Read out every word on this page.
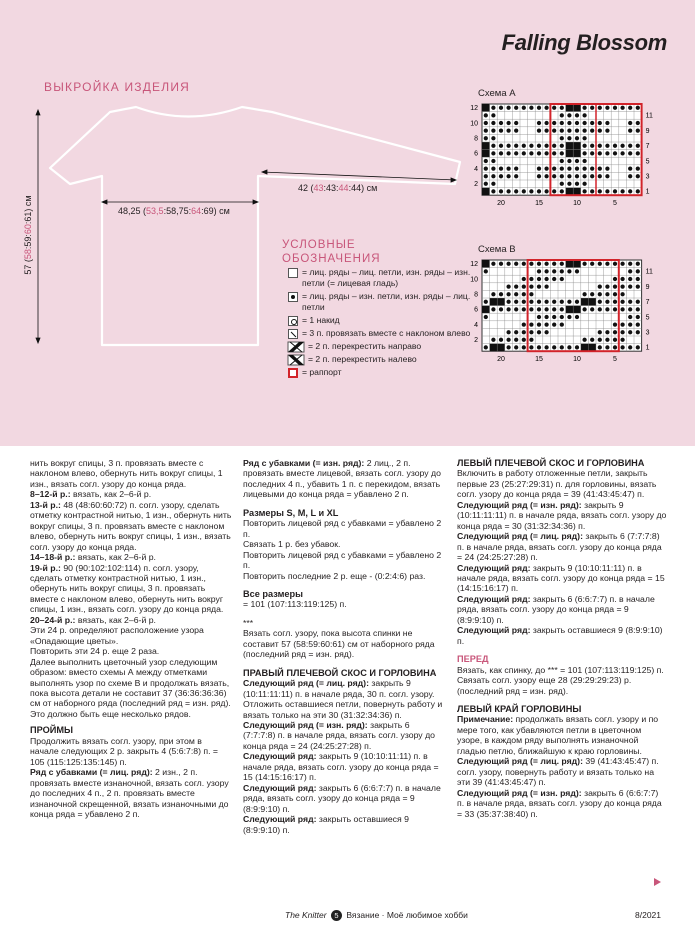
Falling Blossom
ВЫКРОЙКА ИЗДЕЛИЯ
48,25 (53,5:58,75:64:69) см
42 (43:43:44:44) см
57 (58:59:60:61) см
УСЛОВНЫЕ
ОБОЗНАЧЕНИЯ
= лиц. ряды – лиц. петли, изн. ряды – изн. петли (= лицевая гладь)
= лиц. ряды – изн. петли, изн. ряды – лиц. петли
= 1 накид
= 3 п. провязать вместе с наклоном влево
= 2 п. перекрестить направо
= 2 п. перекрестить налево
= раппорт
Схема А
12
10
8
6
4
2
11
9
7
5
3
1
20	15	10	5
Схема В
12
10
8
6
4
2
11
9
7
5
3
1
20	15	10	5

нить вокруг спицы, 3 п. провязать вместе с наклоном влево, обернуть нить вокруг спицы, 1 изн., вязать согл. узору до конца ряда.

8–12-й р.: вязать, как 2–6-й р.

13-й р.: 48 (48:60:60:72) п. согл. узору, сделать отметку контрастной нитью, 1 изн., обернуть нить вокруг спицы, 3 п. провязать вместе с наклоном влево, обернуть нить вокруг спицы, 1 изн., вязать согл. узору до конца ряда.

14–18-й р.: вязать, как 2–6-й р.

19-й р.: 90 (90:102:102:114) п. согл. узору, сделать отметку контрастной нитью, 1 изн., обернуть нить вокруг спицы, 3 п. провязать вместе с наклоном влево, обернуть нить вокруг спицы, 1 изн., вязать согл. узору до конца ряда.

20–24-й р.: вязать, как 2–6-й р.

Эти 24 р. определяют расположение узора «Опадающие цветы».

Повторить эти 24 р. еще 2 раза.

Далее выполнить цветочный узор следующим образом: вместо схемы А между отметками выполнять узор по схеме В и продолжать вязать, пока высота детали не составит 37 (36:36:36:36) см от наборного ряда (последний ряд = изн. ряд). Это должно быть еще несколько рядов.

ПРОЙМЫ

Продолжить вязать согл. узору, при этом в начале следующих 2 р. закрыть 4 (5:6:7:8) п. = 105 (115:125:135:145) п.

Ряд с убавками (= лиц. ряд): 2 изн., 2 п. провязать вместе изнаночной, вязать согл. узору до последних 4 п., 2 п. провязать вместе изнаночной скрещенной, вязать изнаночными до конца ряда = убавлено 2 п.

Ряд с убавками (= изн. ряд): 2 лиц., 2 п. провязать вместе лицевой, вязать согл. узору до последних 4 п., убавить 1 п. с перекидом, вязать лицевыми до конца ряда = убавлено 2 п.

Размеры S, M, L и XL

Повторить лицевой ряд с убавками = убавлено 2 п.

Связать 1 р. без убавок.

Повторить лицевой ряд с убавками = убавлено 2 п.

Повторить последние 2 р. еще - (0:2:4:6) раз.

Все размеры

= 101 (107:113:119:125) п.

***

Вязать согл. узору, пока высота спинки не составит 57 (58:59:60:61) см от наборного ряда (последний ряд = изн. ряд).

ПРАВЫЙ ПЛЕЧЕВОЙ СКОС И ГОРЛОВИНА

Следующий ряд (= лиц. ряд): закрыть 9 (10:11:11:11) п. в начале ряда, 30 п. согл. узору. Отложить оставшиеся петли, повернуть работу и вязать только на эти 30 (31:32:34:36) п.

Следующий ряд (= изн. ряд): закрыть 6 (7:7:7:8) п. в начале ряда, вязать согл. узору до конца ряда = 24 (24:25:27:28) п.

Следующий ряд: закрыть 9 (10:10:11:11) п. в начале ряда, вязать согл. узору до конца ряда = 15 (14:15:16:17) п.

Следующий ряд: закрыть 6 (6:6:7:7) п. в начале ряда, вязать согл. узору до конца ряда = 9 (8:9:9:10) п.

Следующий ряд: закрыть оставшиеся 9 (8:9:9:10) п.

ЛЕВЫЙ ПЛЕЧЕВОЙ СКОС И ГОРЛОВИНА

Включить в работу отложенные петли, закрыть первые 23 (25:27:29:31) п. для горловины, вязать согл. узору до конца ряда = 39 (41:43:45:47) п.

Следующий ряд (= изн. ряд): закрыть 9 (10:11:11:11) п. в начале ряда, вязать согл. узору до конца ряда = 30 (31:32:34:36) п.

Следующий ряд (= лиц. ряд): закрыть 6 (7:7:7:8) п. в начале ряда, вязать согл. узору до конца ряда = 24 (24:25:27:28) п.

Следующий ряд: закрыть 9 (10:10:11:11) п. в начале ряда, вязать согл. узору до конца ряда = 15 (14:15:16:17) п.

Следующий ряд: закрыть 6 (6:6:7:7) п. в начале ряда, вязать согл. узору до конца ряда = 9 (8:9:9:10) п.

Следующий ряд: закрыть оставшиеся 9 (8:9:9:10) п.

ПЕРЕД

Вязать, как спинку, до *** = 101 (107:113:119:125) п.

Связать согл. узору еще 28 (29:29:29:23) р. (последний ряд = изн. ряд).

ЛЕВЫЙ КРАЙ ГОРЛОВИНЫ

Примечание: продолжать вязать согл. узору и по мере того, как убавляются петли в цветочном узоре, в каждом ряду выполнять изнаночной гладью петлю, ближайшую к краю горловины.

Следующий ряд (= лиц. ряд): 39 (41:43:45:47) п. согл. узору, повернуть работу и вязать только на эти 39 (41:43:45:47) п.

Следующий ряд (= изн. ряд): закрыть 6 (6:6:7:7) п. в начале ряда, вязать согл. узору до конца ряда = 33 (35:37:38:40) п.

The Knitter 5 Вязание · Моё любимое хобби	8/2021
